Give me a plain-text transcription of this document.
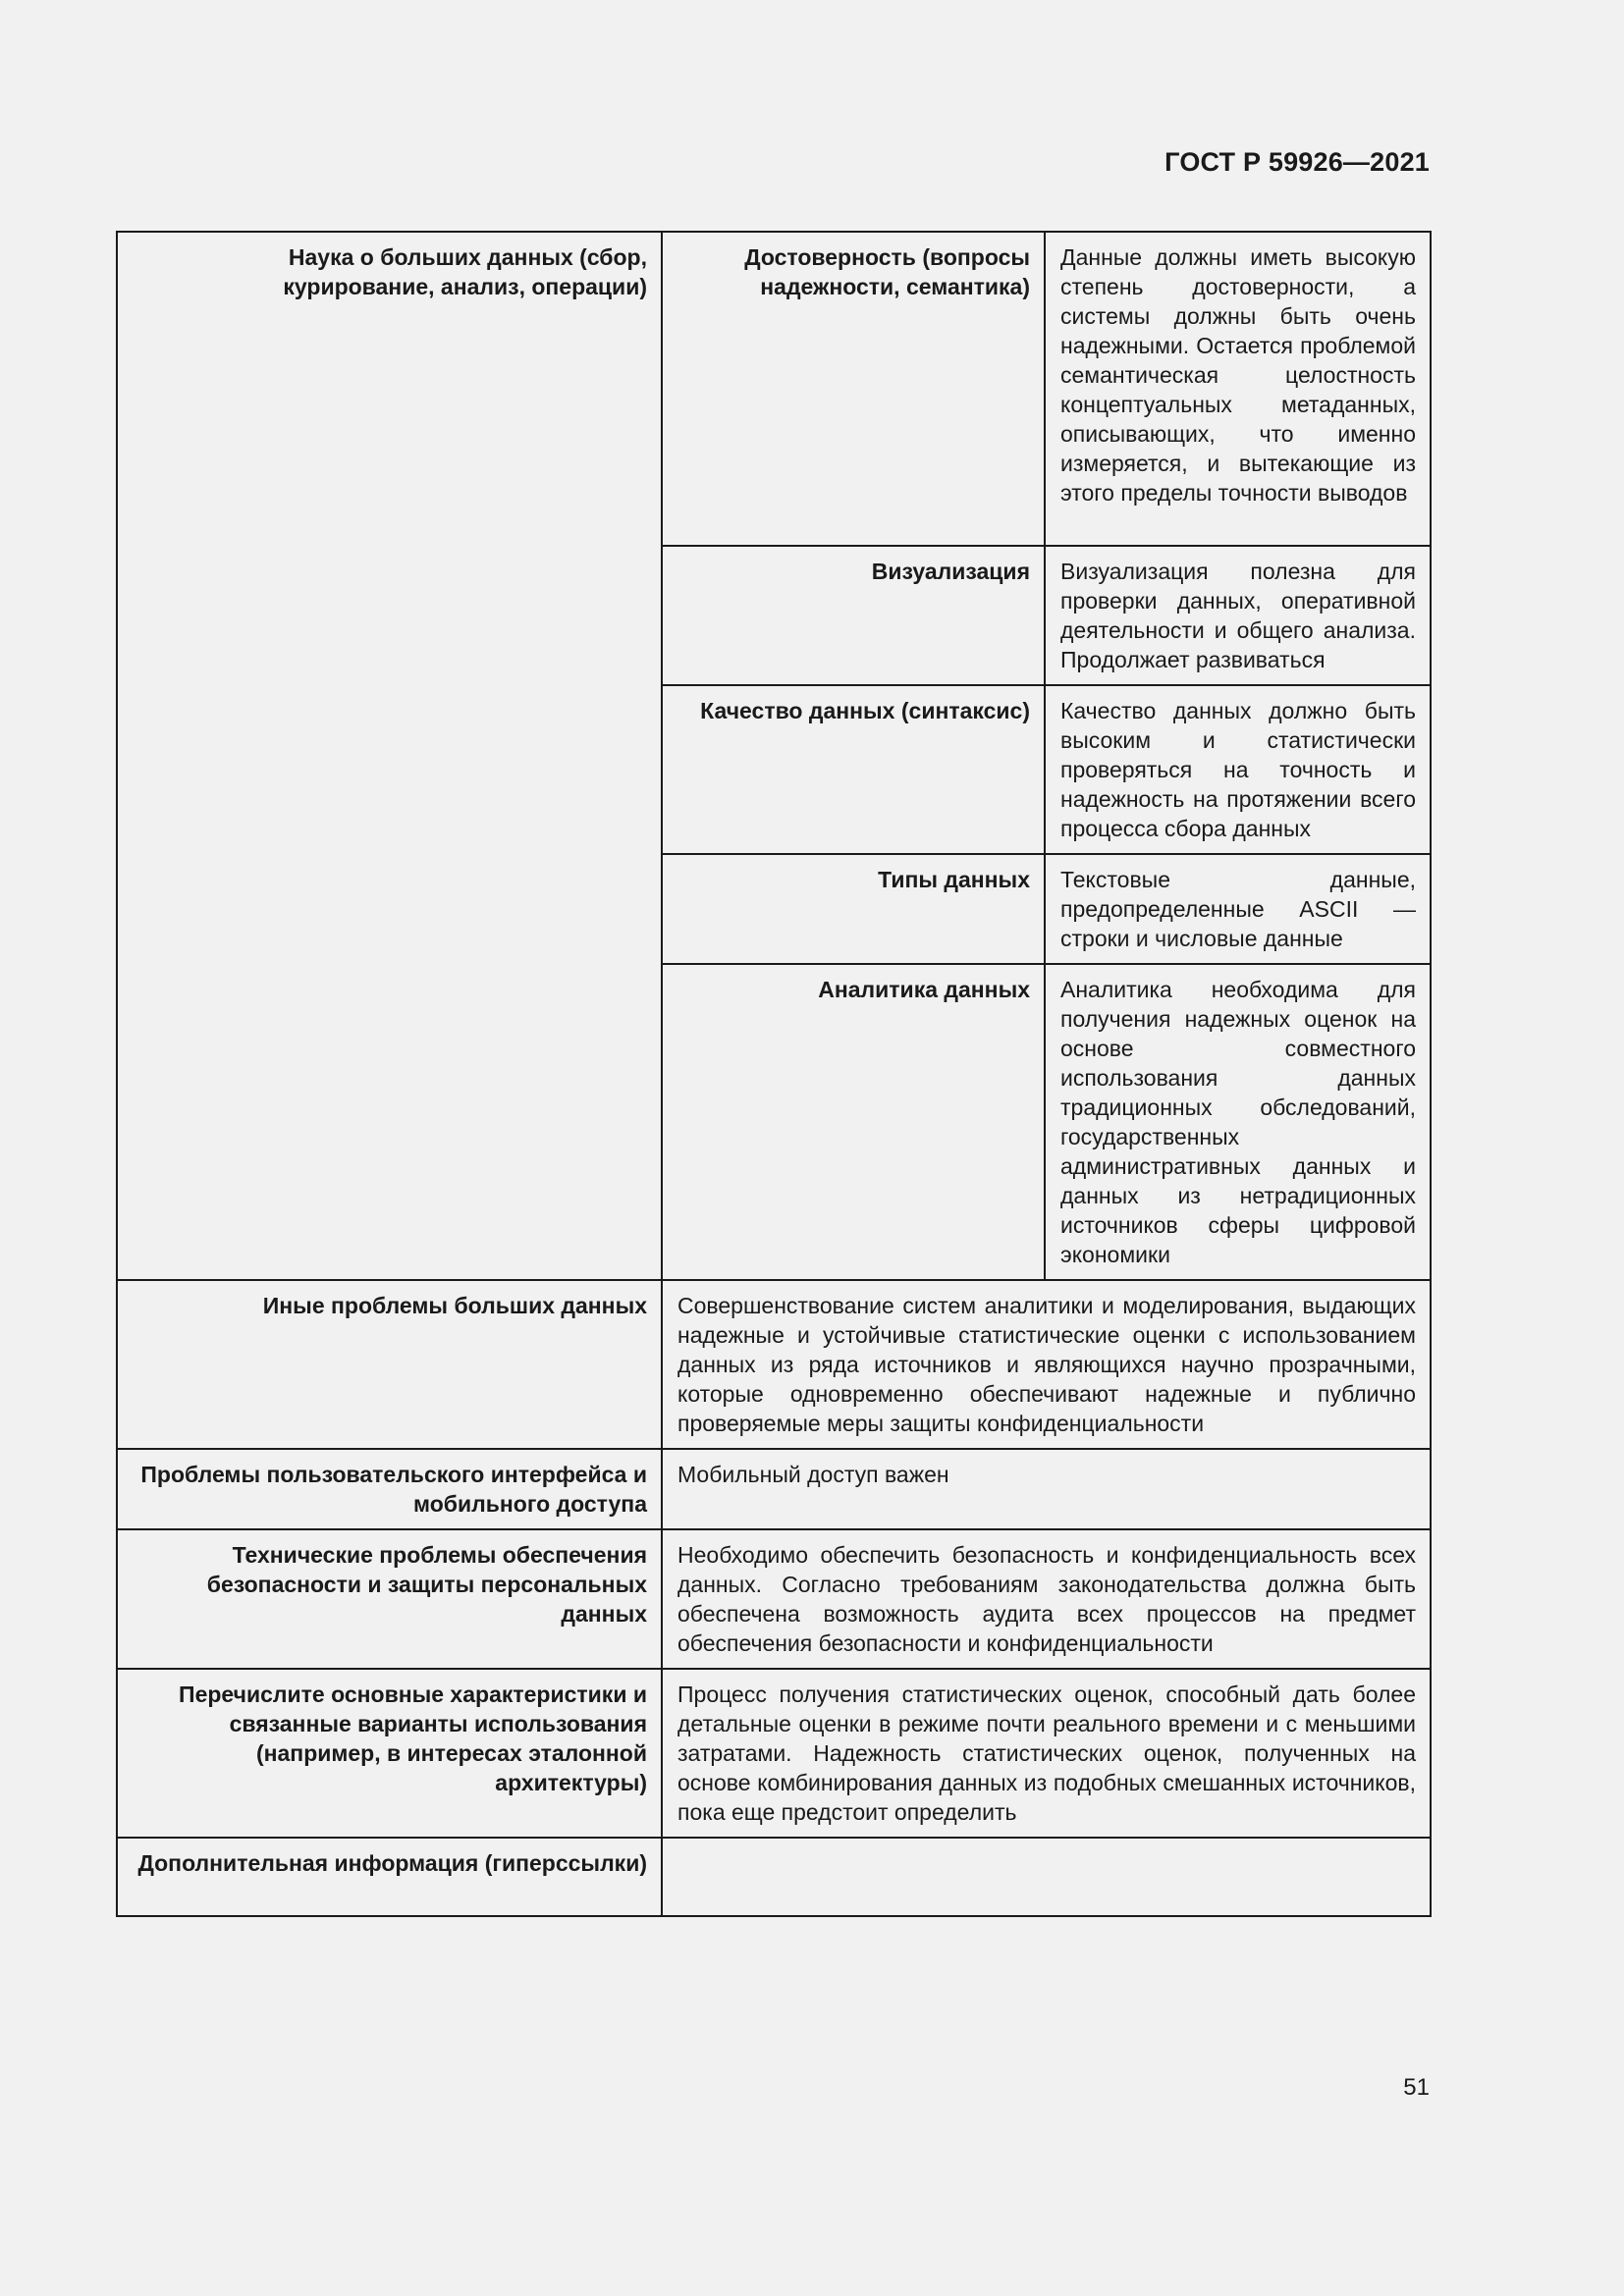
ГОСТ Р 59926—2021
Наука о больших данных (сбор, курирование, анализ, операции)	Достоверность (вопросы надежности, семантика)	Данные должны иметь высокую степень достоверности, а системы должны быть очень надежными. Остается проблемой семантическая целостность концептуальных метаданных, описывающих, что именно измеряется, и вытекающие из этого пределы точности выводов
	Визуализация	Визуализация полезна для проверки данных, оперативной деятельности и общего анализа. Продолжает развиваться
	Качество данных (синтаксис)	Качество данных должно быть высоким и статистически проверяться на точность и надежность на протяжении всего процесса сбора данных
	Типы данных	Текстовые данные, предопределенные ASCII — строки и числовые данные
	Аналитика данных	Аналитика необходима для получения надежных оценок на основе совместного использования данных традиционных обследований, государственных административных данных и данных из нетрадиционных источников сферы цифровой экономики
Иные проблемы больших данных	Совершенствование систем аналитики и моделирования, выдающих надежные и устойчивые статистические оценки с использованием данных из ряда источников и являющихся научно прозрачными, которые одновременно обеспечивают надежные и публично проверяемые меры защиты конфиденциальности	
Проблемы пользовательского интерфейса и мобильного доступа	Мобильный доступ важен	
Технические проблемы обеспечения безопасности и защиты персональных данных	Необходимо обеспечить безопасность и конфиденциальность всех данных. Согласно требованиям законодательства должна быть обеспечена возможность аудита всех процессов на предмет обеспечения безопасности и конфиденциальности	
Перечислите основные характеристики и связанные варианты использования (например, в интересах эталонной архитектуры)	Процесс получения статистических оценок, способный дать более детальные оценки в режиме почти реального времени и с меньшими затратами. Надежность статистических оценок, полученных на основе комбинирования данных из подобных смешанных источников, пока еще предстоит определить	
Дополнительная информация (гиперссылки)		
51
